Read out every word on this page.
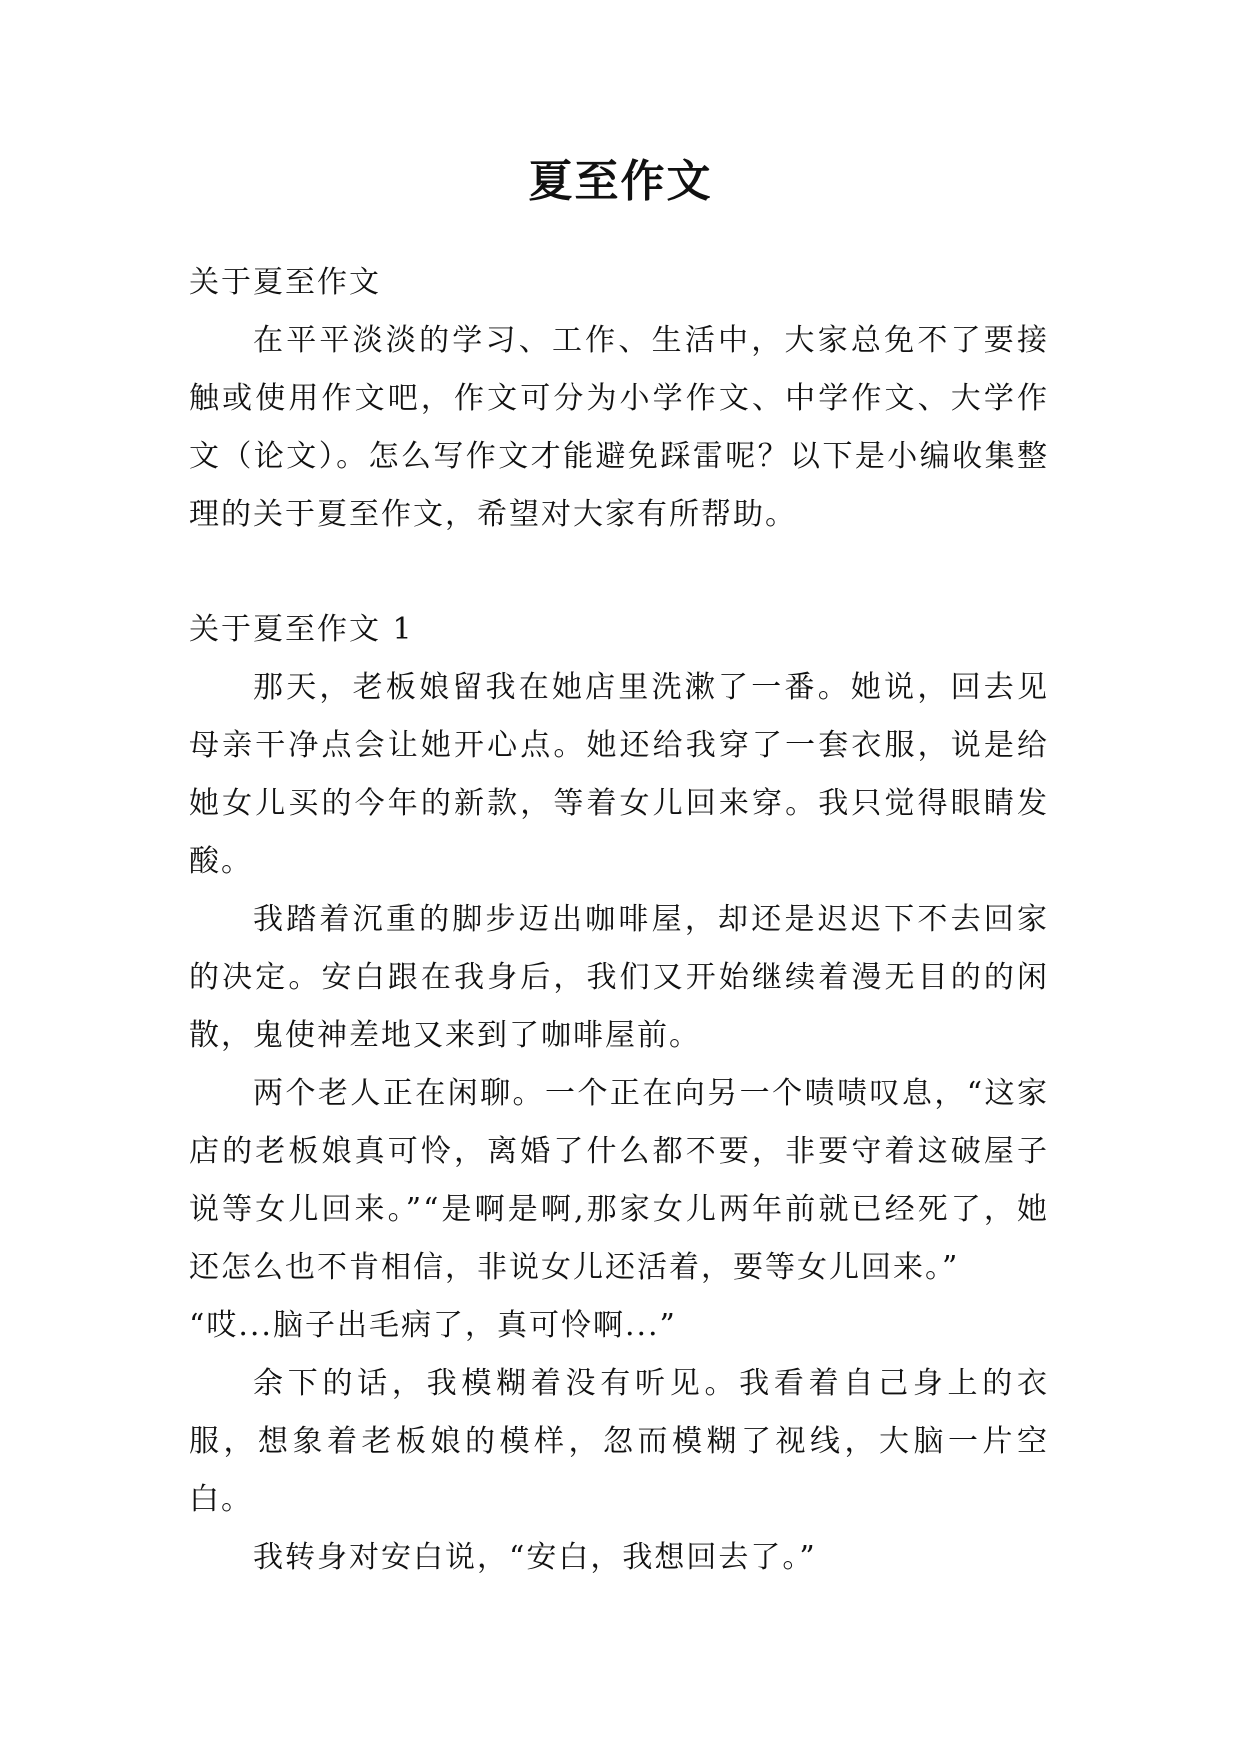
夏至作文
关于夏至作文

在平平淡淡的学习、工作、生活中，大家总免不了要接触或使用作文吧，作文可分为小学作文、中学作文、大学作文（论文）。怎么写作文才能避免踩雷呢？以下是小编收集整理的关于夏至作文，希望对大家有所帮助。

关于夏至作文 1

那天，老板娘留我在她店里洗漱了一番。她说，回去见母亲干净点会让她开心点。她还给我穿了一套衣服，说是给她女儿买的今年的新款，等着女儿回来穿。我只觉得眼睛发酸。

我踏着沉重的脚步迈出咖啡屋，却还是迟迟下不去回家的决定。安白跟在我身后，我们又开始继续着漫无目的的闲散，鬼使神差地又来到了咖啡屋前。

两个老人正在闲聊。一个正在向另一个啧啧叹息，“这家店的老板娘真可怜，离婚了什么都不要，非要守着这破屋子说等女儿回来。”“是啊是啊,那家女儿两年前就已经死了，她还怎么也不肯相信，非说女儿还活着，要等女儿回来。”

“哎...脑子出毛病了，真可怜啊...”

余下的话，我模糊着没有听见。我看着自己身上的衣服，想象着老板娘的模样，忽而模糊了视线，大脑一片空白。

我转身对安白说，“安白，我想回去了。”
